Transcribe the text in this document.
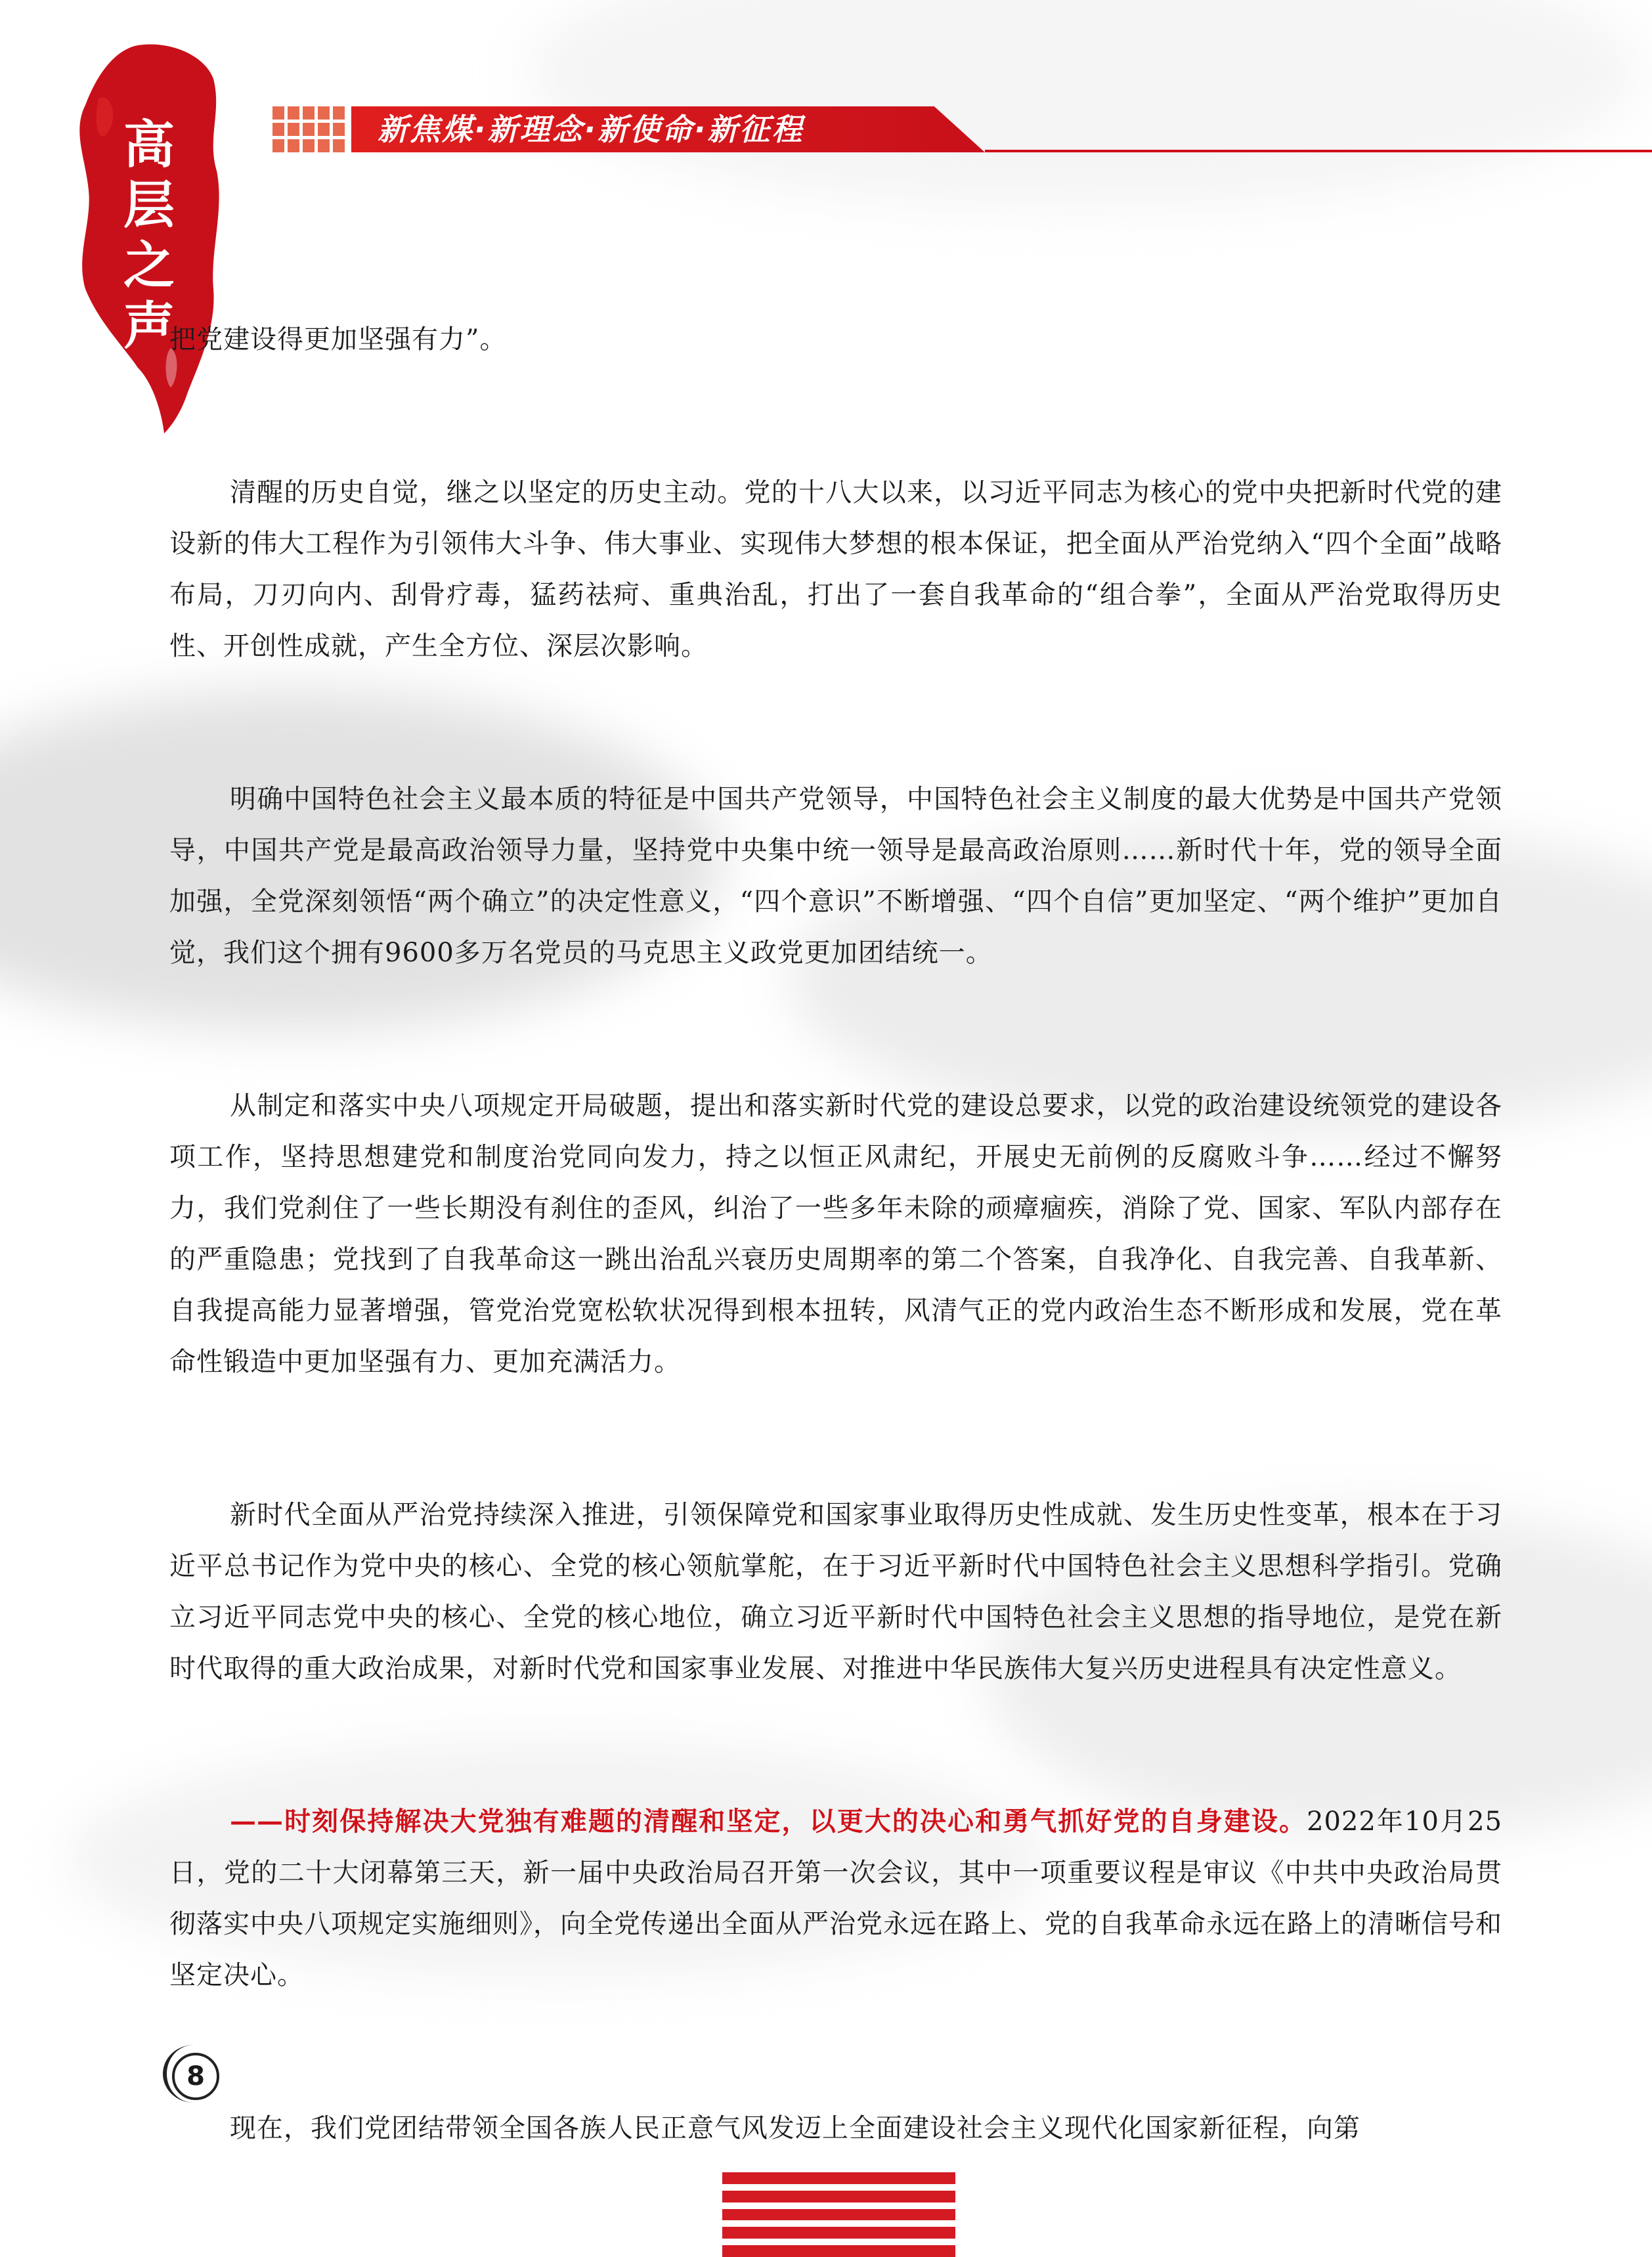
新焦煤·新理念·新使命·新征程
高层之声

把党建设得更加坚强有力”。

清醒的历史自觉，继之以坚定的历史主动。党的十八大以来，以习近平同志为核心的党中央把新时代党的建设新的伟大工程作为引领伟大斗争、伟大事业、实现伟大梦想的根本保证，把全面从严治党纳入“四个全面”战略布局，刀刃向内、刮骨疗毒，猛药祛疴、重典治乱，打出了一套自我革命的“组合拳”，全面从严治党取得历史性、开创性成就，产生全方位、深层次影响。

明确中国特色社会主义最本质的特征是中国共产党领导，中国特色社会主义制度的最大优势是中国共产党领导，中国共产党是最高政治领导力量，坚持党中央集中统一领导是最高政治原则……新时代十年，党的领导全面加强，全党深刻领悟“两个确立”的决定性意义，“四个意识”不断增强、“四个自信”更加坚定、“两个维护”更加自觉，我们这个拥有9600多万名党员的马克思主义政党更加团结统一。

从制定和落实中央八项规定开局破题，提出和落实新时代党的建设总要求，以党的政治建设统领党的建设各项工作，坚持思想建党和制度治党同向发力，持之以恒正风肃纪，开展史无前例的反腐败斗争……经过不懈努力，我们党刹住了一些长期没有刹住的歪风，纠治了一些多年未除的顽瘴痼疾，消除了党、国家、军队内部存在的严重隐患；党找到了自我革命这一跳出治乱兴衰历史周期率的第二个答案，自我净化、自我完善、自我革新、自我提高能力显著增强，管党治党宽松软状况得到根本扭转，风清气正的党内政治生态不断形成和发展，党在革命性锻造中更加坚强有力、更加充满活力。

新时代全面从严治党持续深入推进，引领保障党和国家事业取得历史性成就、发生历史性变革，根本在于习近平总书记作为党中央的核心、全党的核心领航掌舵，在于习近平新时代中国特色社会主义思想科学指引。党确立习近平同志党中央的核心、全党的核心地位，确立习近平新时代中国特色社会主义思想的指导地位，是党在新时代取得的重大政治成果，对新时代党和国家事业发展、对推进中华民族伟大复兴历史进程具有决定性意义。

——时刻保持解决大党独有难题的清醒和坚定，以更大的决心和勇气抓好党的自身建设。2022年10月25日，党的二十大闭幕第三天，新一届中央政治局召开第一次会议，其中一项重要议程是审议《中共中央政治局贯彻落实中央八项规定实施细则》，向全党传递出全面从严治党永远在路上、党的自我革命永远在路上的清晰信号和坚定决心。

现在，我们党团结带领全国各族人民正意气风发迈上全面建设社会主义现代化国家新征程，向第

8
